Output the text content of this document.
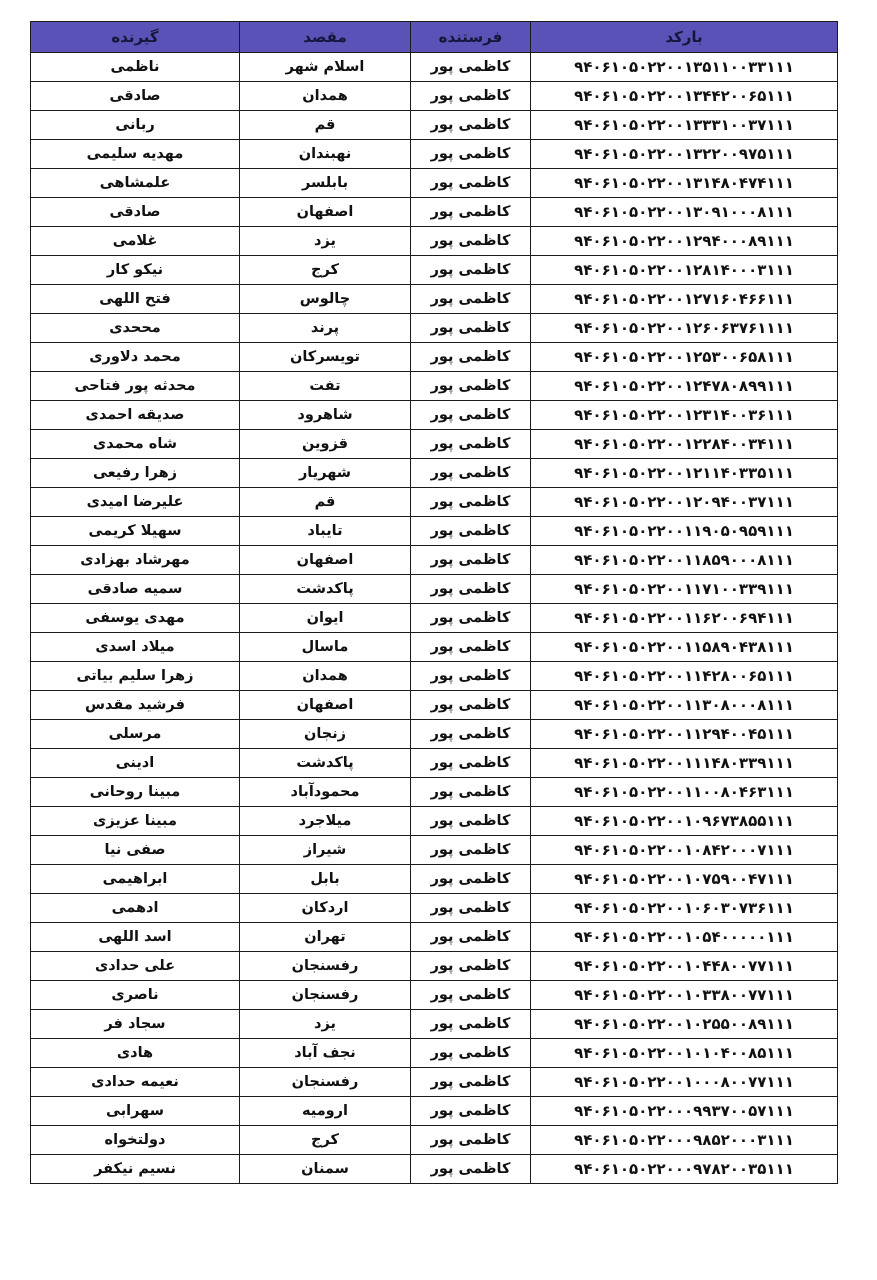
گیرنده	مقصد	فرستنده	بارکد
ناظمی	اسلام شهر	کاظمی پور	۹۴۰۶۱۰۵۰۲۲۰۰۱۳۵۱۱۰۰۳۳۱۱۱
صادقی	همدان	کاظمی پور	۹۴۰۶۱۰۵۰۲۲۰۰۱۳۴۴۲۰۰۶۵۱۱۱
ربانی	قم	کاظمی پور	۹۴۰۶۱۰۵۰۲۲۰۰۱۳۳۳۱۰۰۳۷۱۱۱
مهدیه سلیمی	نهبندان	کاظمی پور	۹۴۰۶۱۰۵۰۲۲۰۰۱۳۲۲۰۰۹۷۵۱۱۱
علمشاهی	بابلسر	کاظمی پور	۹۴۰۶۱۰۵۰۲۲۰۰۱۳۱۴۸۰۴۷۴۱۱۱
صادقی	اصفهان	کاظمی پور	۹۴۰۶۱۰۵۰۲۲۰۰۱۳۰۹۱۰۰۰۸۱۱۱
غلامی	یزد	کاظمی پور	۹۴۰۶۱۰۵۰۲۲۰۰۱۲۹۴۰۰۰۸۹۱۱۱
نیکو کار	کرج	کاظمی پور	۹۴۰۶۱۰۵۰۲۲۰۰۱۲۸۱۴۰۰۰۳۱۱۱
فتح اللهی	چالوس	کاظمی پور	۹۴۰۶۱۰۵۰۲۲۰۰۱۲۷۱۶۰۴۶۶۱۱۱
مححدی	پرند	کاظمی پور	۹۴۰۶۱۰۵۰۲۲۰۰۱۲۶۰۶۳۷۶۱۱۱۱
محمد دلاوری	تویسرکان	کاظمی پور	۹۴۰۶۱۰۵۰۲۲۰۰۱۲۵۳۰۰۶۵۸۱۱۱
محدثه پور فتاحی	تفت	کاظمی پور	۹۴۰۶۱۰۵۰۲۲۰۰۱۲۴۷۸۰۸۹۹۱۱۱
صدیقه احمدی	شاهرود	کاظمی پور	۹۴۰۶۱۰۵۰۲۲۰۰۱۲۳۱۴۰۰۳۶۱۱۱
شاه محمدی	قزوین	کاظمی پور	۹۴۰۶۱۰۵۰۲۲۰۰۱۲۲۸۴۰۰۳۴۱۱۱
زهرا رفیعی	شهریار	کاظمی پور	۹۴۰۶۱۰۵۰۲۲۰۰۱۲۱۱۴۰۳۳۵۱۱۱
علیرضا امیدی	قم	کاظمی پور	۹۴۰۶۱۰۵۰۲۲۰۰۱۲۰۹۴۰۰۳۷۱۱۱
سهیلا کریمی	تایباد	کاظمی پور	۹۴۰۶۱۰۵۰۲۲۰۰۱۱۹۰۵۰۹۵۹۱۱۱
مهرشاد بهزادی	اصفهان	کاظمی پور	۹۴۰۶۱۰۵۰۲۲۰۰۱۱۸۵۹۰۰۰۸۱۱۱
سمیه صادقی	پاکدشت	کاظمی پور	۹۴۰۶۱۰۵۰۲۲۰۰۱۱۷۱۰۰۳۳۹۱۱۱
مهدی یوسفی	ایوان	کاظمی پور	۹۴۰۶۱۰۵۰۲۲۰۰۱۱۶۲۰۰۶۹۴۱۱۱
میلاد اسدی	ماسال	کاظمی پور	۹۴۰۶۱۰۵۰۲۲۰۰۱۱۵۸۹۰۴۳۸۱۱۱
زهرا سلیم بیاتی	همدان	کاظمی پور	۹۴۰۶۱۰۵۰۲۲۰۰۱۱۴۲۸۰۰۶۵۱۱۱
فرشید مقدس	اصفهان	کاظمی پور	۹۴۰۶۱۰۵۰۲۲۰۰۱۱۳۰۸۰۰۰۸۱۱۱
مرسلی	زنجان	کاظمی پور	۹۴۰۶۱۰۵۰۲۲۰۰۱۱۲۹۴۰۰۴۵۱۱۱
ادینی	پاکدشت	کاظمی پور	۹۴۰۶۱۰۵۰۲۲۰۰۱۱۱۴۸۰۳۳۹۱۱۱
مبینا روحانی	محمودآباد	کاظمی پور	۹۴۰۶۱۰۵۰۲۲۰۰۱۱۰۰۸۰۴۶۳۱۱۱
مبینا عزیزی	میلاجرد	کاظمی پور	۹۴۰۶۱۰۵۰۲۲۰۰۱۰۹۶۷۳۸۵۵۱۱۱
صفی نیا	شیراز	کاظمی پور	۹۴۰۶۱۰۵۰۲۲۰۰۱۰۸۴۲۰۰۰۷۱۱۱
ابراهیمی	بابل	کاظمی پور	۹۴۰۶۱۰۵۰۲۲۰۰۱۰۷۵۹۰۰۴۷۱۱۱
ادهمی	اردکان	کاظمی پور	۹۴۰۶۱۰۵۰۲۲۰۰۱۰۶۰۳۰۷۳۶۱۱۱
اسد اللهی	تهران	کاظمی پور	۹۴۰۶۱۰۵۰۲۲۰۰۱۰۵۴۰۰۰۰۰۱۱۱
علی حدادی	رفسنجان	کاظمی پور	۹۴۰۶۱۰۵۰۲۲۰۰۱۰۴۴۸۰۰۷۷۱۱۱
ناصری	رفسنجان	کاظمی پور	۹۴۰۶۱۰۵۰۲۲۰۰۱۰۳۳۸۰۰۷۷۱۱۱
سجاد فر	یزد	کاظمی پور	۹۴۰۶۱۰۵۰۲۲۰۰۱۰۲۵۵۰۰۸۹۱۱۱
هادی	نجف آباد	کاظمی پور	۹۴۰۶۱۰۵۰۲۲۰۰۱۰۱۰۴۰۰۸۵۱۱۱
نعیمه حدادی	رفسنجان	کاظمی پور	۹۴۰۶۱۰۵۰۲۲۰۰۱۰۰۰۸۰۰۷۷۱۱۱
سهرابی	ارومیه	کاظمی پور	۹۴۰۶۱۰۵۰۲۲۰۰۰۹۹۳۷۰۰۵۷۱۱۱
دولتخواه	کرج	کاظمی پور	۹۴۰۶۱۰۵۰۲۲۰۰۰۹۸۵۲۰۰۰۳۱۱۱
نسیم نیکفر	سمنان	کاظمی پور	۹۴۰۶۱۰۵۰۲۲۰۰۰۹۷۸۲۰۰۳۵۱۱۱
